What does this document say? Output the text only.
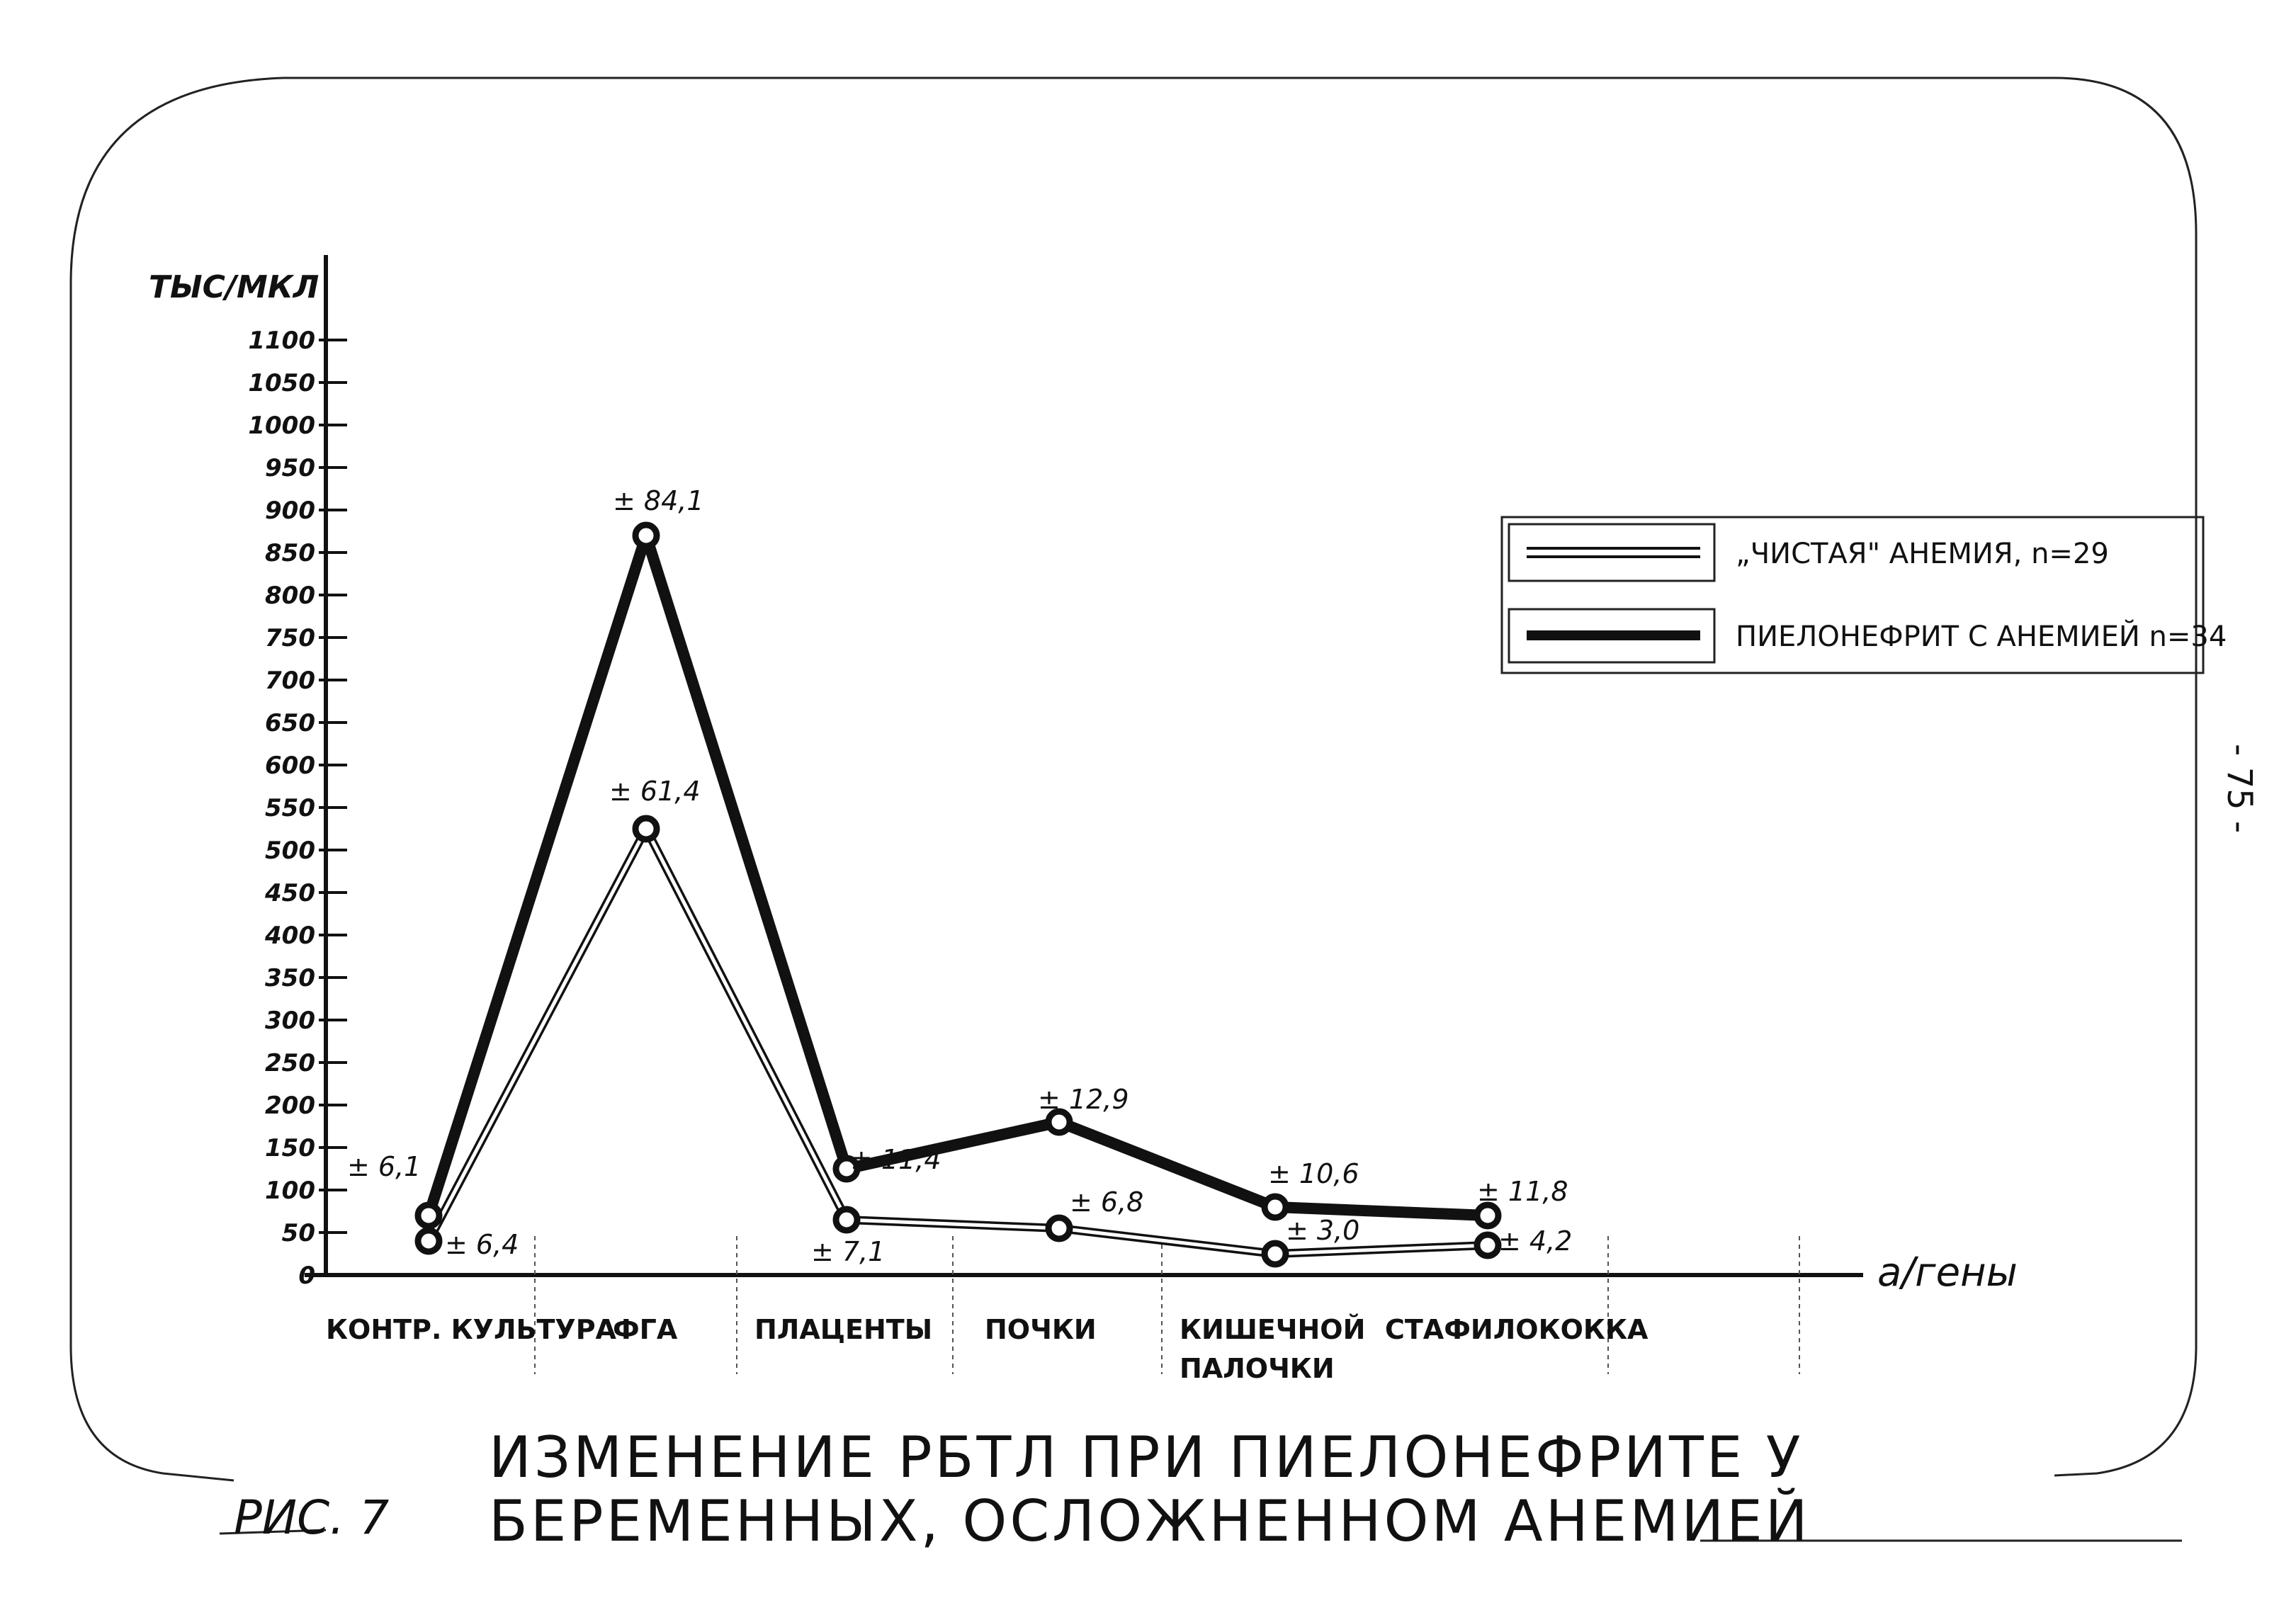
0
50
100
150
200
250
300
350
400
450
500
550
600
650
700
750
800
850
900
950
1000
1050
1100
КОНТР. КУЛЬТУРА
ФГА	ПЛАЦЕНТЫ ПОЧКИ	КИШЕЧНОЙ
ПАЛОЧКИ
СТАФИЛОКОККА
± 6,4
± 61,4
± 7,1
± 6,8
± 3,0	± 4,2
± 6,1
± 84,1
± 11,4
± 12,9
± 10,6
± 11,8
ТЫС/МКЛ
а/гены
„ЧИСТАЯ" АНЕМИЯ, n=29
ПИЕЛОНЕФРИТ С АНЕМИЕЙ n=34
- 75 -
ИЗМЕНЕНИЕ РБТЛ ПРИ ПИЕЛОНЕФРИТЕ У
БЕРЕМЕННЫХ, ОСЛОЖНЕННОМ АНЕМИЕЙ
РИС. 7
